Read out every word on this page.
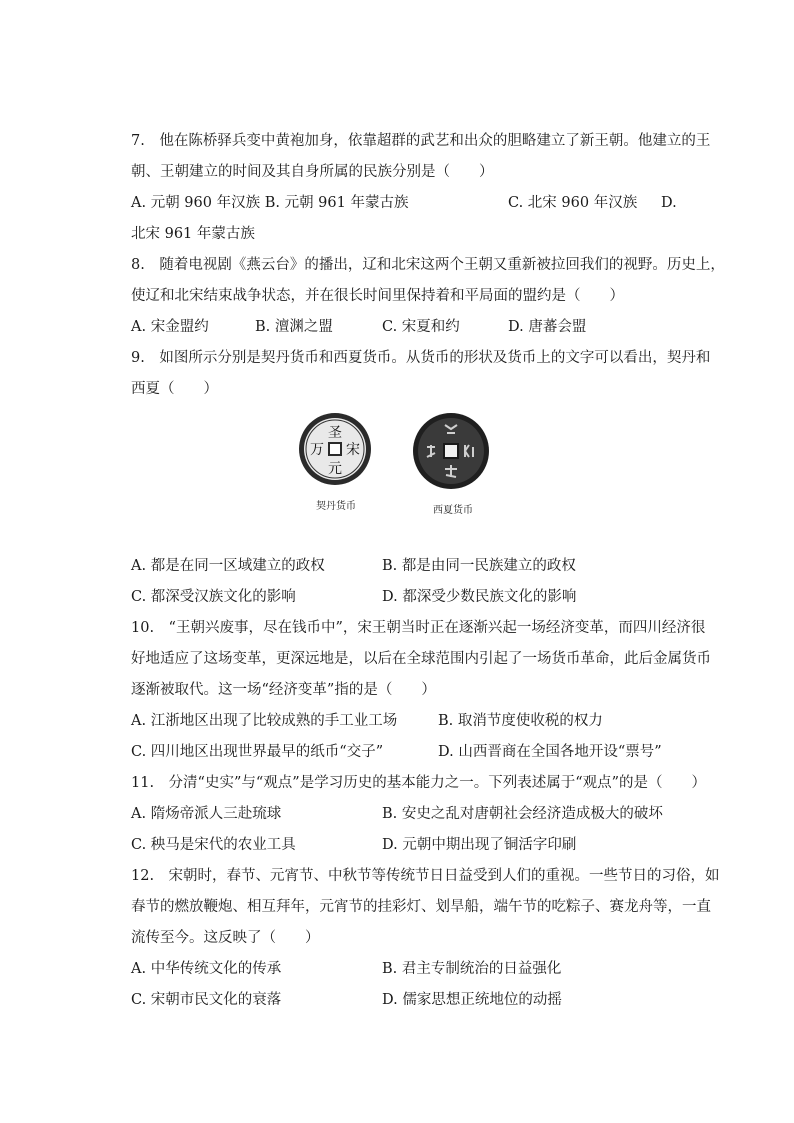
7.　他在陈桥驿兵变中黄袍加身，依靠超群的武艺和出众的胆略建立了新王朝。他建立的王
朝、王朝建立的时间及其自身所属的民族分别是（　　）
A. 元朝 960 年汉族 B. 元朝 961 年蒙古族	C. 北宋 960 年汉族 D.
北宋 961 年蒙古族
8.　随着电视剧《燕云台》的播出，辽和北宋这两个王朝又重新被拉回我们的视野。历史上，
使辽和北宋结束战争状态，并在很长时间里保持着和平局面的盟约是（　　）
A. 宋金盟约	B. 澶渊之盟	C. 宋夏和约	D. 唐蕃会盟
9.　如图所示分别是契丹货币和西夏货币。从货币的形状及货币上的文字可以看出，契丹和
西夏（　　）
圣
宋
元
万
契丹货币	西夏货币
A. 都是在同一区域建立的政权	B. 都是由同一民族建立的政权
C. 都深受汉族文化的影响	D. 都深受少数民族文化的影响
10.　“王朝兴废事，尽在钱币中”，宋王朝当时正在逐渐兴起一场经济变革，而四川经济很
好地适应了这场变革，更深远地是，以后在全球范围内引起了一场货币革命，此后金属货币
逐渐被取代。这一场“经济变革”指的是（　　）
A. 江浙地区出现了比较成熟的手工业工场	B. 取消节度使收税的权力
C. 四川地区出现世界最早的纸币“交子”	D. 山西晋商在全国各地开设“票号”
11.　分清“史实”与“观点”是学习历史的基本能力之一。下列表述属于“观点”的是（　　）
A. 隋炀帝派人三赴琉球	B. 安史之乱对唐朝社会经济造成极大的破坏
C. 秧马是宋代的农业工具	D. 元朝中期出现了铜活字印刷
12.　宋朝时，春节、元宵节、中秋节等传统节日日益受到人们的重视。一些节日的习俗，如
春节的燃放鞭炮、相互拜年，元宵节的挂彩灯、划旱船，端午节的吃粽子、赛龙舟等，一直
流传至今。这反映了（　　）
A. 中华传统文化的传承	B. 君主专制统治的日益强化
C. 宋朝市民文化的衰落	D. 儒家思想正统地位的动摇
